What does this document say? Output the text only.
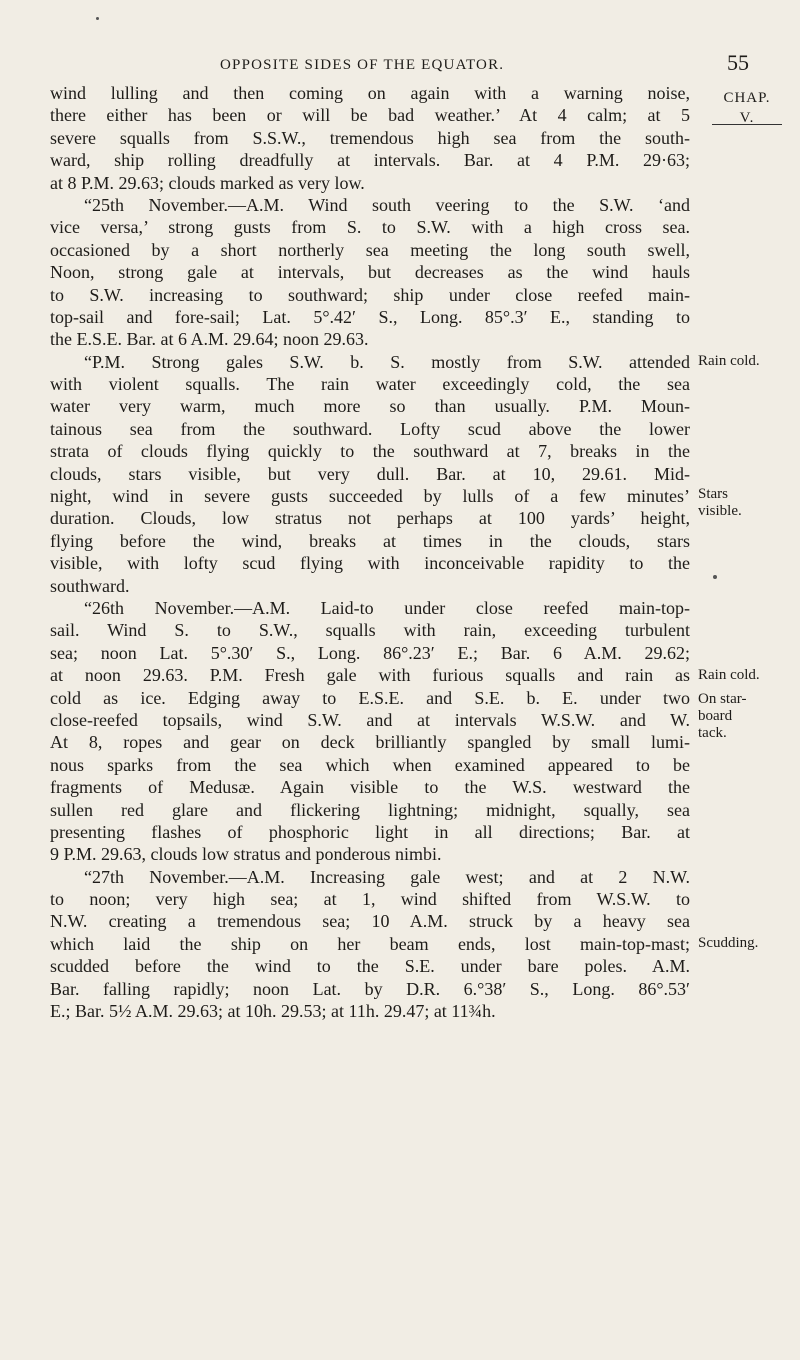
OPPOSITE SIDES OF THE EQUATOR.	55
CHAP.
V.
wind lulling and then coming on again with a warning noise,
there either has been or will be bad weather.’ At 4 calm; at 5
severe squalls from S.S.W., tremendous high sea from the south-
ward, ship rolling dreadfully at intervals. Bar. at 4 P.M. 29·63;
at 8 P.M. 29.63; clouds marked as very low.
“25th November.—A.M. Wind south veering to the S.W. ‘and
vice versa,’ strong gusts from S. to S.W. with a high cross sea.
occasioned by a short northerly sea meeting the long south swell,
Noon, strong gale at intervals, but decreases as the wind hauls
to S.W. increasing to southward; ship under close reefed main-
top-sail and fore-sail; Lat. 5°.42′ S., Long. 85°.3′ E., standing to
the E.S.E. Bar. at 6 A.M. 29.64; noon 29.63.
“P.M. Strong gales S.W. b. S. mostly from S.W. attended
with violent squalls. The rain water exceedingly cold, the sea
water very warm, much more so than usually. P.M. Moun-
tainous sea from the southward. Lofty scud above the lower
strata of clouds flying quickly to the southward at 7, breaks in the
clouds, stars visible, but very dull. Bar. at 10, 29.61. Mid-
night, wind in severe gusts succeeded by lulls of a few minutes’
duration. Clouds, low stratus not perhaps at 100 yards’ height,
flying before the wind, breaks at times in the clouds, stars
visible, with lofty scud flying with inconceivable rapidity to the
southward.
“26th November.—A.M. Laid-to under close reefed main-top-
sail. Wind S. to S.W., squalls with rain, exceeding turbulent
sea; noon Lat. 5°.30′ S., Long. 86°.23′ E.; Bar. 6 A.M. 29.62;
at noon 29.63. P.M. Fresh gale with furious squalls and rain as
cold as ice. Edging away to E.S.E. and S.E. b. E. under two
close-reefed topsails, wind S.W. and at intervals W.S.W. and W.
At 8, ropes and gear on deck brilliantly spangled by small lumi-
nous sparks from the sea which when examined appeared to be
fragments of Medusæ. Again visible to the W.S. westward the
sullen red glare and flickering lightning; midnight, squally, sea
presenting flashes of phosphoric light in all directions; Bar. at
9 P.M. 29.63, clouds low stratus and ponderous nimbi.
“27th November.—A.M. Increasing gale west; and at 2 N.W.
to noon; very high sea; at 1, wind shifted from W.S.W. to
N.W. creating a tremendous sea; 10 A.M. struck by a heavy sea
which laid the ship on her beam ends, lost main-top-mast;
scudded before the wind to the S.E. under bare poles. A.M.
Bar. falling rapidly; noon Lat. by D.R. 6.°38′ S., Long. 86°.53′
E.; Bar. 5½ A.M. 29.63; at 10h. 29.53; at 11h. 29.47; at 11¾h.
Rain cold.
Stars
visible.
Rain cold.
On star-
board
tack.
Scudding.
